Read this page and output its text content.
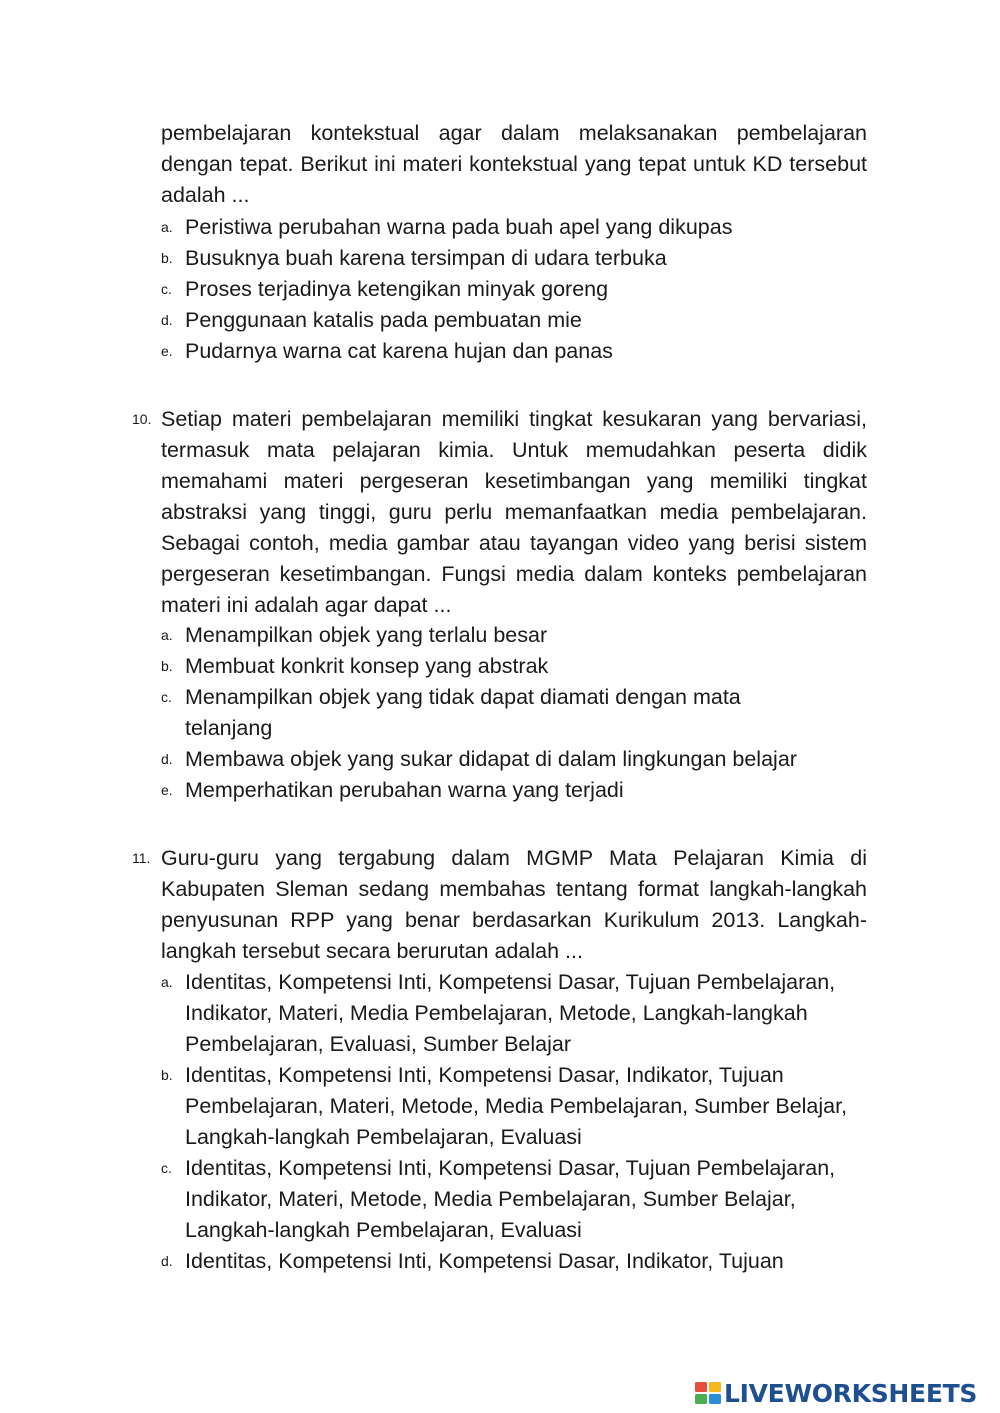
pembelajaran kontekstual agar dalam melaksanakan pembelajaran dengan tepat. Berikut ini materi kontekstual yang tepat untuk KD tersebut adalah ...
a. Peristiwa perubahan warna pada buah apel yang dikupas
b. Busuknya buah karena tersimpan di udara terbuka
c. Proses terjadinya ketengikan minyak goreng
d. Penggunaan katalis pada pembuatan mie
e. Pudarnya warna cat karena hujan dan panas
10. Setiap materi pembelajaran memiliki tingkat kesukaran yang bervariasi, termasuk mata pelajaran kimia. Untuk memudahkan peserta didik memahami materi pergeseran kesetimbangan yang memiliki tingkat abstraksi yang tinggi, guru perlu memanfaatkan media pembelajaran. Sebagai contoh, media gambar atau tayangan video yang berisi sistem pergeseran kesetimbangan. Fungsi media dalam konteks pembelajaran materi ini adalah agar dapat ...
a. Menampilkan objek yang terlalu besar
b. Membuat konkrit konsep yang abstrak
c. Menampilkan objek yang tidak dapat diamati dengan mata telanjang
d. Membawa objek yang sukar didapat di dalam lingkungan belajar
e. Memperhatikan perubahan warna yang terjadi
11. Guru-guru yang tergabung dalam MGMP Mata Pelajaran Kimia di Kabupaten Sleman sedang membahas tentang format langkah-langkah penyusunan RPP yang benar berdasarkan Kurikulum 2013. Langkah-langkah tersebut secara berurutan adalah ...
a. Identitas, Kompetensi Inti, Kompetensi Dasar, Tujuan Pembelajaran, Indikator, Materi, Media Pembelajaran, Metode, Langkah-langkah Pembelajaran, Evaluasi, Sumber Belajar
b. Identitas, Kompetensi Inti, Kompetensi Dasar, Indikator, Tujuan Pembelajaran, Materi, Metode, Media Pembelajaran, Sumber Belajar, Langkah-langkah Pembelajaran, Evaluasi
c. Identitas, Kompetensi Inti, Kompetensi Dasar, Tujuan Pembelajaran, Indikator, Materi, Metode, Media Pembelajaran, Sumber Belajar, Langkah-langkah Pembelajaran, Evaluasi
d. Identitas, Kompetensi Inti, Kompetensi Dasar, Indikator, Tujuan
LIVEWORKSHEETS
